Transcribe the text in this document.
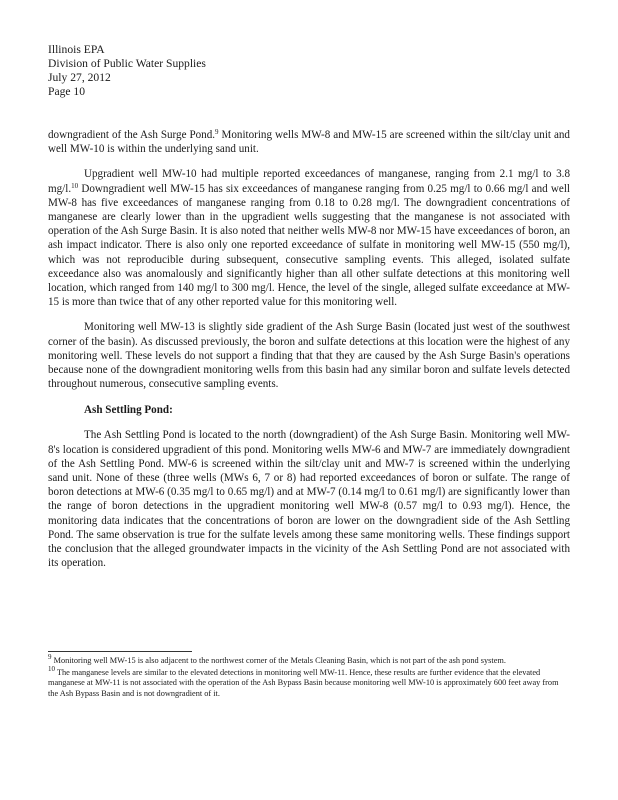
Illinois EPA
Division of Public Water Supplies
July 27, 2012
Page 10

downgradient of the Ash Surge Pond.$^9$ Monitoring wells MW-8 and MW-15 are screened within the silt/clay unit and well MW-10 is within the underlying sand unit.

Upgradient well MW-10 had multiple reported exceedances of manganese, ranging from 2.1 mg/l to 3.8 mg/l.$^{10}$ Downgradient well MW-15 has six exceedances of manganese ranging from 0.25 mg/l to 0.66 mg/l and well MW-8 has five exceedances of manganese ranging from 0.18 to 0.28 mg/l. The downgradient concentrations of manganese are clearly lower than in the upgradient wells suggesting that the manganese is not associated with operation of the Ash Surge Basin. It is also noted that neither wells MW-8 nor MW-15 have exceedances of boron, an ash impact indicator. There is also only one reported exceedance of sulfate in monitoring well MW-15 (550 mg/l), which was not reproducible during subsequent, consecutive sampling events. This alleged, isolated sulfate exceedance also was anomalously and significantly higher than all other sulfate detections at this monitoring well location, which ranged from 140 mg/l to 300 mg/l. Hence, the level of the single, alleged sulfate exceedance at MW-15 is more than twice that of any other reported value for this monitoring well.

Monitoring well MW-13 is slightly side gradient of the Ash Surge Basin (located just west of the southwest corner of the basin). As discussed previously, the boron and sulfate detections at this location were the highest of any monitoring well. These levels do not support a finding that that they are caused by the Ash Surge Basin's operations because none of the downgradient monitoring wells from this basin had any similar boron and sulfate levels detected throughout numerous, consecutive sampling events.

Ash Settling Pond:

The Ash Settling Pond is located to the north (downgradient) of the Ash Surge Basin. Monitoring well MW-8's location is considered upgradient of this pond. Monitoring wells MW-6 and MW-7 are immediately downgradient of the Ash Settling Pond. MW-6 is screened within the silt/clay unit and MW-7 is screened within the underlying sand unit. None of these (three wells (MWs 6, 7 or 8) had reported exceedances of boron or sulfate. The range of boron detections at MW-6 (0.35 mg/l to 0.65 mg/l) and at MW-7 (0.14 mg/l to 0.61 mg/l) are significantly lower than the range of boron detections in the upgradient monitoring well MW-8 (0.57 mg/l to 0.93 mg/l). Hence, the monitoring data indicates that the concentrations of boron are lower on the downgradient side of the Ash Settling Pond. The same observation is true for the sulfate levels among these same monitoring wells. These findings support the conclusion that the alleged groundwater impacts in the vicinity of the Ash Settling Pond are not associated with its operation.

$^9$ Monitoring well MW-15 is also adjacent to the northwest corner of the Metals Cleaning Basin, which is not part of the ash pond system.

$^{10}$ The manganese levels are similar to the elevated detections in monitoring well MW-11. Hence, these results are further evidence that the elevated manganese at MW-11 is not associated with the operation of the Ash Bypass Basin because monitoring well MW-10 is approximately 600 feet away from the Ash Bypass Basin and is not downgradient of it.
